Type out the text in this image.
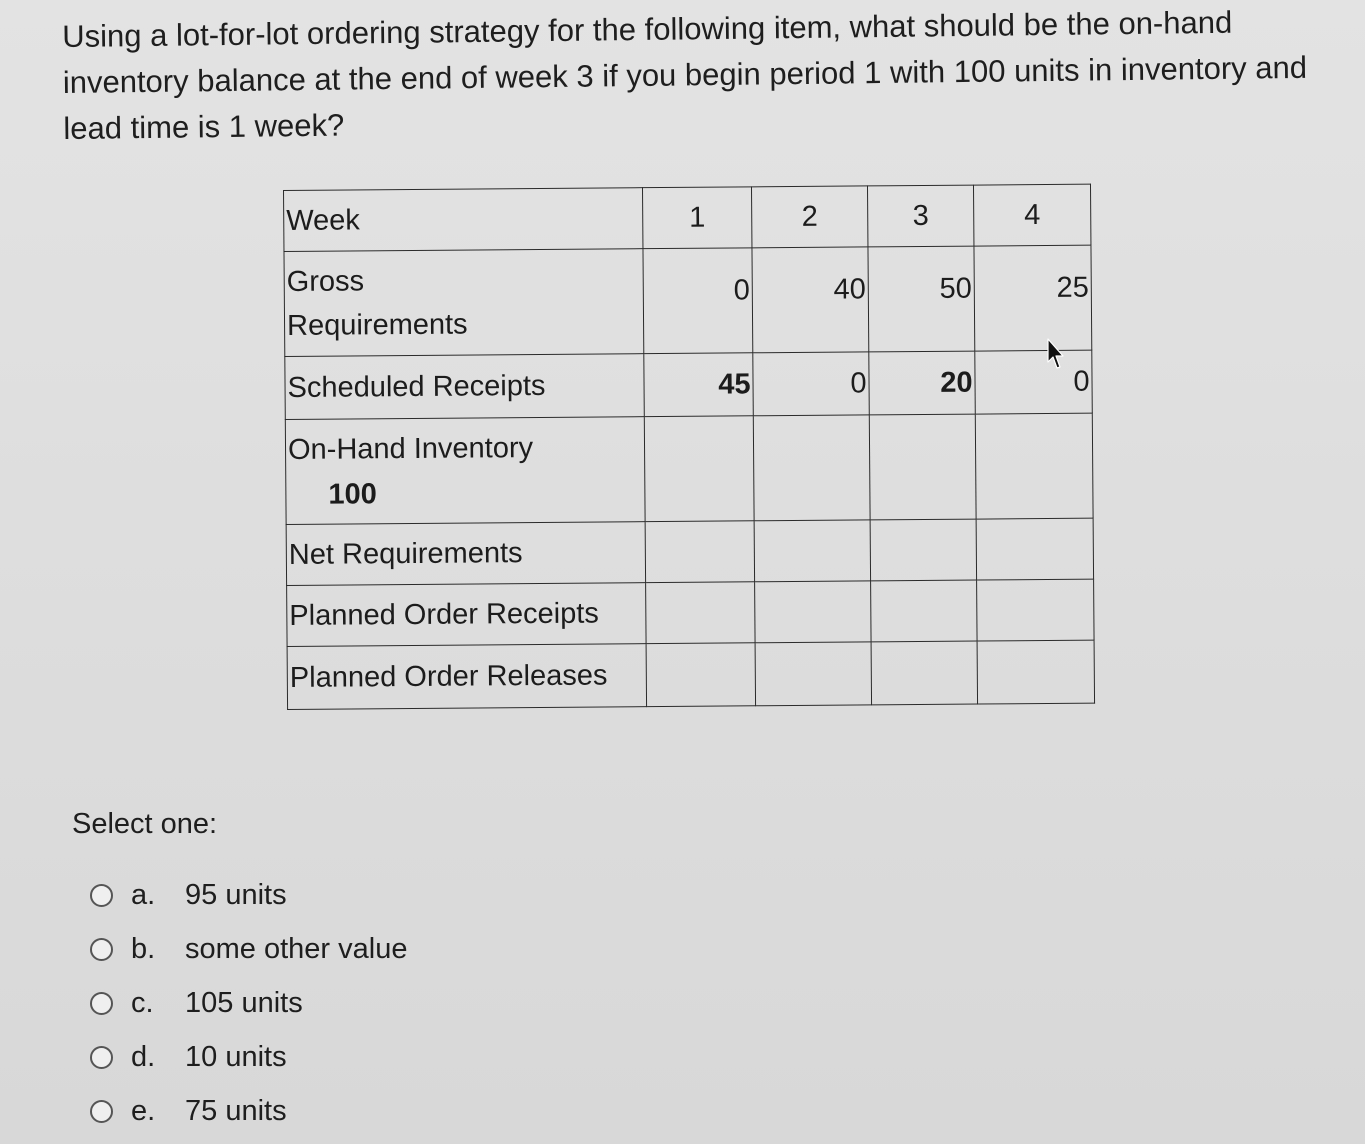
Using a lot-for-lot ordering strategy for the following item, what should be the on-hand inventory balance at the end of week 3 if you begin period 1 with 100 units in inventory and lead time is 1 week?
Week	1	2	3	4

Gross
Requirements	0	40	50	25

Scheduled Receipts	45	0	20	0

On-Hand Inventory
100				

Net Requirements				
Planned Order Receipts				
Planned Order Releases				
Select one:
a.	95 units
b.	some other value
c.	105 units
d.	10 units
e.	75 units
